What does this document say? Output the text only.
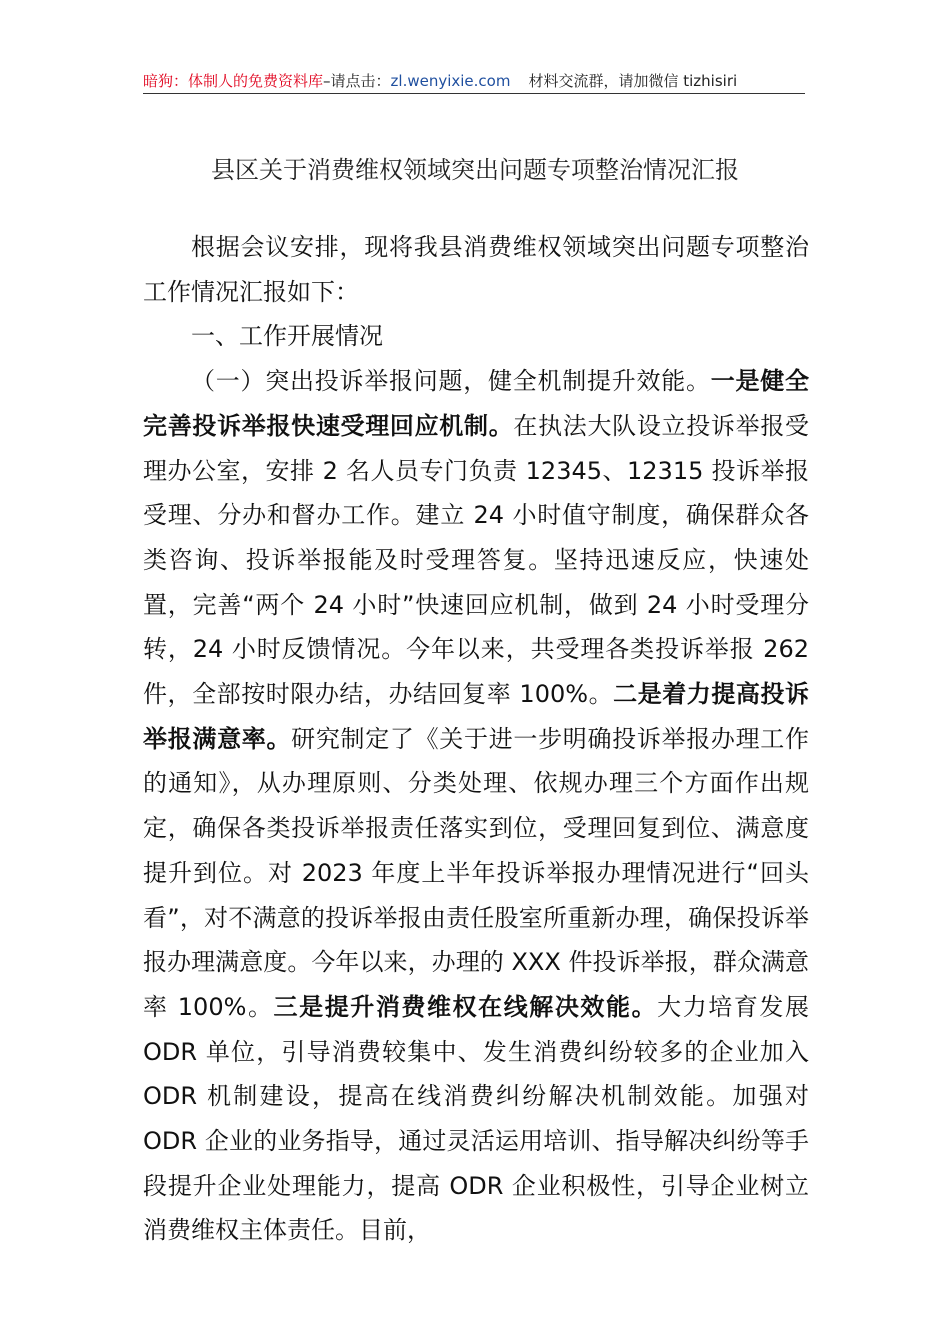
暗狗：体制人的免费资料库–请点击：zl.wenyixie.com 材料交流群，请加微信 tizhisiri
县区关于消费维权领域突出问题专项整治情况汇报

根据会议安排，现将我县消费维权领域突出问题专项整治工作情况汇报如下：

一、工作开展情况

（一）突出投诉举报问题，健全机制提升效能。一是健全完善投诉举报快速受理回应机制。在执法大队设立投诉举报受理办公室，安排 2 名人员专门负责 12345、12315 投诉举报受理、分办和督办工作。建立 24 小时值守制度，确保群众各类咨询、投诉举报能及时受理答复。坚持迅速反应，快速处置，完善“两个 24 小时”快速回应机制，做到 24 小时受理分转，24 小时反馈情况。今年以来，共受理各类投诉举报 262 件，全部按时限办结，办结回复率 100%。二是着力提高投诉举报满意率。研究制定了《关于进一步明确投诉举报办理工作的通知》，从办理原则、分类处理、依规办理三个方面作出规定，确保各类投诉举报责任落实到位，受理回复到位、满意度提升到位。对 2023 年度上半年投诉举报办理情况进行“回头看”，对不满意的投诉举报由责任股室所重新办理，确保投诉举报办理满意度。今年以来，办理的 XXX 件投诉举报，群众满意率 100%。三是提升消费维权在线解决效能。大力培育发展 ODR 单位，引导消费较集中、发生消费纠纷较多的企业加入 ODR 机制建设，提高在线消费纠纷解决机制效能。加强对 ODR 企业的业务指导，通过灵活运用培训、指导解决纠纷等手段提升企业处理能力，提高 ODR 企业积极性，引导企业树立消费维权主体责任。目前，
